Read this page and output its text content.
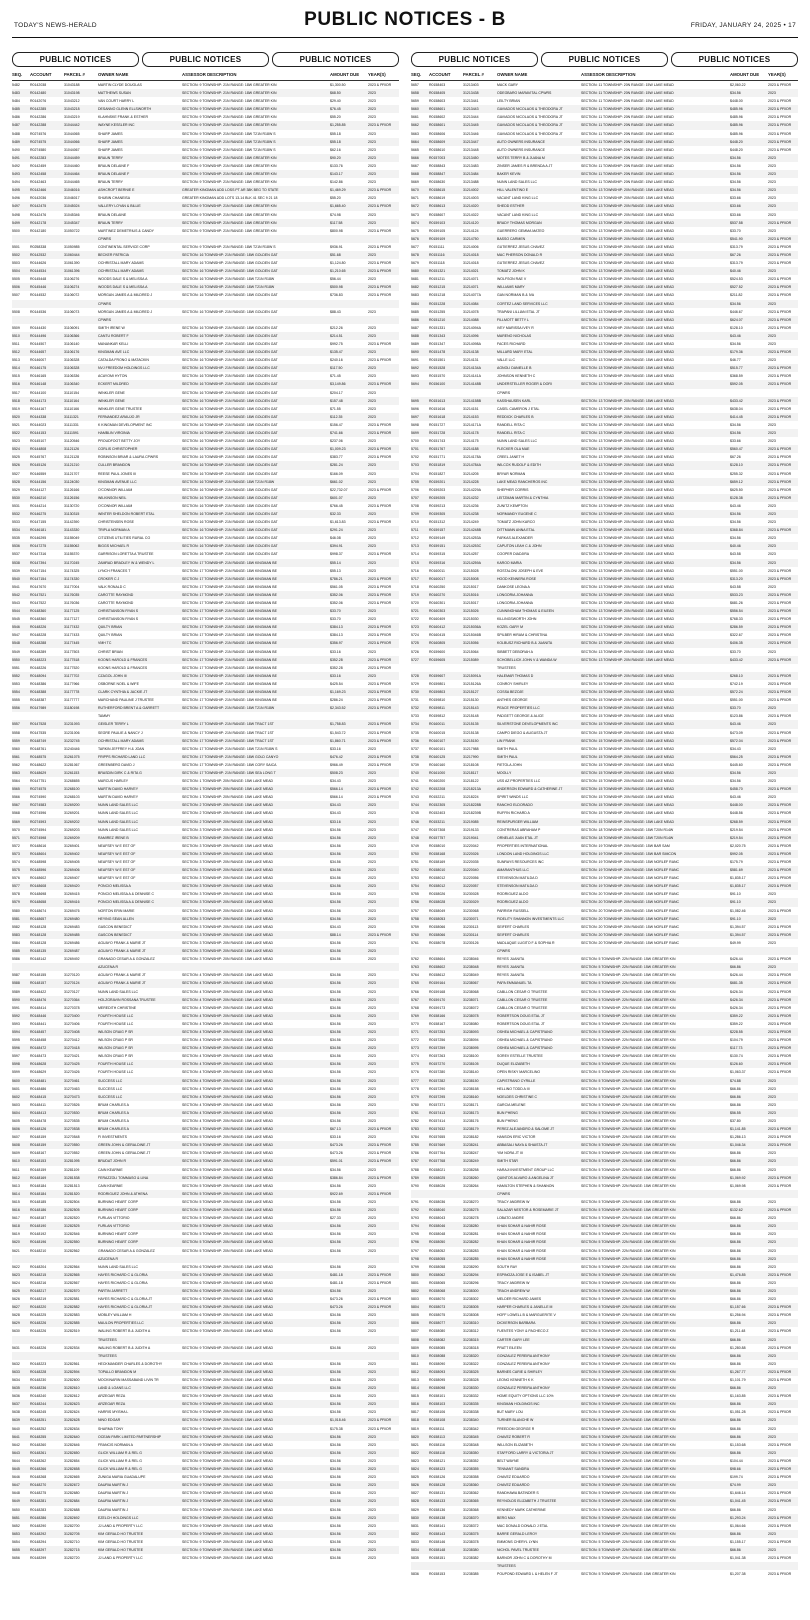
TODAY'S NEWS-HERALD	PUBLIC NOTICES - B	FRIDAY, JANUARY 24, 2025 • 17
PUBLIC NOTICES	PUBLIC NOTICES	PUBLIC NOTICES
SEQ.	ACCOUNT	PARCEL #	OWNER NAME	ASSESSOR DESCRIPTION	AMOUNT DUE	YEAR(S)
5482	R0142038	31043188	MARTIN CLYDE DOUGLAS	SECTION: 9 TOWNSHIP: 21N RANGE: 18W GREATER KIN	$1,300.50	2023 & PRIOR
5483	R0142480	31043198	MATTHEWS SUSAN	SECTION: 9 TOWNSHIP: 21N RANGE: 18W GREATER KIN	$68.50	2023
5484	R0142076	31043212	VAN COURT HARRY L	SECTION: 9 TOWNSHIP: 21N RANGE: 18W GREATER KIN	$29.40	2023
5485	R0142285	31043218	DESANNO GLENN ELLSWORTH	SECTION: 9 TOWNSHIP: 21N RANGE: 18W GREATER KIN	$76.45	2023
5486	R0142286	31043219	KLAHNSKE FRANK & ESTHER	SECTION: 9 TOWNSHIP: 21N RANGE: 18W GREATER KIN	$55.20	2023
5487	R0142288	31044442	WAYNE KESSLER INC	SECTION: 9 TOWNSHIP: 21N RANGE: 18W GREATER KIN	$1,255.85	2023 & PRIOR
5488	R0274576	31044065	SHARP JAMES	SECTION: 9 TOWNSHIP: 21N RANGE: 18W T21N R18W S	$55.18	2023
5489	R0274575	31044066	SHARP JAMES	SECTION: 9 TOWNSHIP: 21N RANGE: 18W T21N R18W S	$55.18	2023
5490	R0274580	31044067	SHARP JAMES	SECTION: 9 TOWNSHIP: 21N RANGE: 18W T21N R18W S	$62.16	2023
5491	R0142283	31044459	BRAUN TERRY	SECTION: 9 TOWNSHIP: 21N RANGE: 18W GREATER KIN	$90.20	2023
5492	R0142459	31044460	BRAUN DELAINE F	SECTION: 9 TOWNSHIP: 21N RANGE: 18W GREATER KIN	$133.76	2023
5493	R0142458	31044464	BRAUN DELAINE F	SECTION: 9 TOWNSHIP: 21N RANGE: 18W GREATER KIN	$143.17	2023
5494	R0142463	31044465	BRAUN TERRY	SECTION: 9 TOWNSHIP: 21N RANGE: 18W GREATER KIN	$142.86	2023
5495	R0142466	31046016	ASHCROFT BERNIE E	GREATER KINGMAN ADD LOSS PT AR 38K BEG TO STATE	$1,469.29	2023 & PRIOR
5496	R0142036	31046017	SHUBIN CHANEISA	GREATER KINGMAN ADD LOTS 13-14 BLK 41 SEC 9 21 18	$55.20	2023
5497	R0142475	31045024	VALLERY LOYAN & BILLIE	SECTION: 9 TOWNSHIP: 21N RANGE: 18W GREATER KIN	$1,665.40	2023 & PRIOR
5498	R0142476	31045346	BRAUN DELAINE	SECTION: 9 TOWNSHIP: 21N RANGE: 18W GREATER KIN	$74.98	2023
5499	R0142178	31045347	BRAUN TERRY	SECTION: 9 TOWNSHIP: 21N RANGE: 18W GREATER KIN	$117.58	2023
5500	R0142180	31050722	MARTINEZ DEMETRIUS & CANDY	SECTION: 9 TOWNSHIP: 21N RANGE: 18W GREATER KIN	$800.98	2023 & PRIOR
CPWRS
5501	R0258338	31050985	CONTINENTAL SERVICE CORP	SECTION: 9 TOWNSHIP: 21N RANGE: 18W T21N R18W S	$936.91	2023 & PRIOR
5502	R0142532	31060444	BECKER PATRICIA	SECTION: 16 TOWNSHIP: 21N RANGE: 18W GOLDEN GAT	$51.68	2023
5503	R0144626	31061390	OCHRISTALL MARY ADAMS	SECTION: 16 TOWNSHIP: 21N RANGE: 18W GOLDEN GAT	$1,124.80	2023 & PRIOR
5504	R0144534	31061396	OCHRISTALL MARY ADAMS	SECTION: 16 TOWNSHIP: 21N RANGE: 18W GOLDEN GAT	$1,210.65	2023 & PRIOR
5505	R0145448	31106276	WOODS DALE S & MELISSA A	SECTION: 16 TOWNSHIP: 21N RANGE: 18W T21N R18W	$56.44	2023
5506	R0145446	31106274	WOODS DALE S & MELISSA A	SECTION: 16 TOWNSHIP: 21N RANGE: 18W T21N R18W	$500.98	2023 & PRIOR
5507	R0144532	31106072	MORGAN JAMES A & MILDRED J	SECTION: 16 TOWNSHIP: 21N RANGE: 18W GOLDEN GAT	$736.83	2023 & PRIOR
CPWRS
5508	R0144536	31106073	MORGAN JAMES A & MILDRED J	SECTION: 16 TOWNSHIP: 21N RANGE: 18W GOLDEN GAT	$88.43	2023
CPWRS
5509	R0144430	31106091	SMITH IRENE W	SECTION: 16 TOWNSHIP: 21N RANGE: 18W GOLDEN GAT	$212.26	2023
5510	R0144496	31106366	CANTU ROBERT F	SECTION: 16 TOWNSHIP: 21N RANGE: 18W GOLDEN GAT	$214.51	2023
5511	R0144507	31106140	MANANKAR KELLI	SECTION: 16 TOWNSHIP: 21N RANGE: 18W GOLDEN GAT	$992.75	2023 & PRIOR
5512	R0144657	31106176	KINGMAN AVE LLC	SECTION: 16 TOWNSHIP: 21N RANGE: 18W GOLDEN GAT	$135.47	2023
5513	R0146007	31106328	CATALDA FRONO & MATACKIN	SECTION: 16 TOWNSHIP: 21N RANGE: 18W GOLDEN GAT	$240.16	2023 & PRIOR
5514	R0146175	31106328	NVJ FREEDOM HOLDINGS LLC	SECTION: 16 TOWNSHIP: 21N RANGE: 18W GOLDEN GAT	$117.50	2023
5515	R0146165	31106336	ACAYOMI HYTON	SECTION: 16 TOWNSHIP: 21N RANGE: 18W GOLDEN GAT	$71.45	2023
5516	R0146148	31106340	ECKERT MILDRED	SECTION: 16 TOWNSHIP: 21N RANGE: 18W GOLDEN GAT	$3,149.86	2023 & PRIOR
5517	R0144100	31110154	WINKLER GENE	SECTION: 16 TOWNSHIP: 21N RANGE: 18W GOLDEN GAT	$204.17	2023
5518	R0144173	31110164	WINKLER GENE	SECTION: 16 TOWNSHIP: 21N RANGE: 18W GOLDEN GAT	$157.48	2023
5519	R0144167	31110166	WINKLER GENE TRUSTEE	SECTION: 16 TOWNSHIP: 21N RANGE: 18W GOLDEN GAT	$71.55	2023
5520	R0144338	31111321	FERNANDEZ ARAUJO JR	SECTION: 16 TOWNSHIP: 21N RANGE: 18W GOLDEN GAT	$112.35	2023
5521	R0144023	31111331	K KINGMAN DEVELOPMENT INC	SECTION: 16 TOWNSHIP: 21N RANGE: 18W GOLDEN GAT	$156.47	2023 & PRIOR
5522	R0144153	31111591	HAMBLIN VIRGINIA	SECTION: 16 TOWNSHIP: 21N RANGE: 18W GOLDEN GAT	$741.66	2023 & PRIOR
5523	R0145107	31120546	PROUDFOOT BETTY JOY	SECTION: 16 TOWNSHIP: 21N RANGE: 18W GOLDEN GAT	$237.06	2023
5524	R0144808	31121126	CORLIS CHRISTOPHER	SECTION: 16 TOWNSHIP: 21N RANGE: 18W GOLDEN GAT	$1,009.23	2023 & PRIOR
5525	R0145767	31121128	ROBINSON BRIAR & LAURA CPWRS	SECTION: 16 TOWNSHIP: 21N RANGE: 18W GOLDEN GAT	$383.77	2023 & PRIOR
5526	R0145126	31121210	CULLER BRANDON	SECTION: 16 TOWNSHIP: 21N RANGE: 18W GOLDEN GAT	$281.24	2023
5527	R0146559	31121707	REESE PAUL JONES III	SECTION: 16 TOWNSHIP: 21N RANGE: 18W GOLDEN GAT	$166.09	2023
5528	R0144156	31124030	KINGMAN AVENUE LLC	SECTION: 16 TOWNSHIP: 21N RANGE: 18W T21N R18W	$661.02	2023
5529	R0144127	31126166	O'CONNOR WILLIAM	SECTION: 16 TOWNSHIP: 21N RANGE: 18W GOLDEN GAT	$22,732.07	2023 & PRIOR
5530	R0146210	31126156	WILKINSON NEIL	SECTION: 16 TOWNSHIP: 21N RANGE: 18W GOLDEN GAT	$601.07	2023
5531	R0144214	31130720	O'CONNOR WILLIAM	SECTION: 16 TOWNSHIP: 21N RANGE: 18W GOLDEN GAT	$766.45	2023 & PRIOR
5532	R0146275	31130315	WINTER SHELDON ROBERT ETAL	SECTION: 16 TOWNSHIP: 21N RANGE: 18W GOLDEN GAT	$32.33	2023
5533	R0147155	31142390	CHRISTENSEN ROSE	SECTION: 16 TOWNSHIP: 21N RANGE: 18W GOLDEN GAT	$1,613.83	2023 & PRIOR
5534	R0146181	31143330	TRIPLA NORMAN A	SECTION: 16 TOWNSHIP: 21N RANGE: 18W GOLDEN GAT	$291.24	2023
5535	R0146295	31155049	CITIZENS UTILITIES RURAL CO	SECTION: 16 TOWNSHIP: 21N RANGE: 18W GOLDEN GAT	$46.08	2023
5536	R0147275	31155062	BIGGS MICHAEL R	SECTION: 16 TOWNSHIP: 21N RANGE: 18W GOLDEN GAT	$394.91	2023
5537	R0147316	31155370	GARRISON LORETTA A TRUSTEE	SECTION: 16 TOWNSHIP: 21N RANGE: 18W GOLDEN GAT	$998.37	2023 & PRIOR
5538	R0147394	31170245	ZAMRAD BRADLEY W & WENDY L	SECTION: 17 TOWNSHIP: 21N RANGE: 18W KINGMAN BE	$55.14	2023
5539	R0147154	31174325	LYNCH FRANCES T	SECTION: 17 TOWNSHIP: 21N RANGE: 18W KINGMAN BE	$55.13	2023
5540	R0147154	31174330	CROKER C J	SECTION: 17 TOWNSHIP: 21N RANGE: 18W KINGMAN BE	$786.21	2023 & PRIOR
5541	R0147670	31177004	VALK RONALD C	SECTION: 17 TOWNSHIP: 21N RANGE: 18W KINGMAN BE	$561.05	2023 & PRIOR
5542	R0147521	31176035	CAROTTE RAYMOND	SECTION: 17 TOWNSHIP: 21N RANGE: 18W KINGMAN BE	$352.06	2023 & PRIOR
5543	R0147522	31176036	CAROTTE RAYMOND	SECTION: 17 TOWNSHIP: 21N RANGE: 18W KINGMAN BE	$352.06	2023 & PRIOR
5544	R0148360	31177125	CHRISTIANSON RYAN S	SECTION: 17 TOWNSHIP: 21N RANGE: 18W KINGMAN BE	$33.70	2023
5545	R0148360	31177127	CHRISTIANSON RYAN S	SECTION: 17 TOWNSHIP: 21N RANGE: 18W KINGMAN BE	$33.70	2023
5546	R0148226	31177432	QUILTY BRIAN	SECTION: 17 TOWNSHIP: 21N RANGE: 18W KINGMAN BE	$384.13	2023 & PRIOR
5547	R0148228	31177433	QUILTY BRIAN	SECTION: 17 TOWNSHIP: 21N RANGE: 18W KINGMAN BE	$384.13	2023 & PRIOR
5548	R0148288	31177445	VMH TC	SECTION: 17 TOWNSHIP: 21N RANGE: 18W KINGMAN BE	$356.97	2023 & PRIOR
5549	R0148289	31177503	CHRIST BRIAN	SECTION: 17 TOWNSHIP: 21N RANGE: 18W KINGMAN BE	$33.16	2023
5550	R0148223	31177518	KOONS HAROLD & FRANCES	SECTION: 17 TOWNSHIP: 21N RANGE: 18W KINGMAN BE	$352.28	2023 & PRIOR
5551	R0148226	31177520	KOONS HAROLD & FRANCES	SECTION: 17 TOWNSHIP: 21N RANGE: 18W KINGMAN BE	$352.28	2023 & PRIOR
5552	R0148094	31177702	CZAGOL JOHN III	SECTION: 17 TOWNSHIP: 21N RANGE: 18W KINGMAN BE	$33.16	2023
5553	R0148386	31177966	OSBORNE NOEL & WIFE	SECTION: 17 TOWNSHIP: 21N RANGE: 18W KINGMAN BE	$425.54	2023 & PRIOR
5554	R0148388	31177778	CLARK CYNTHIA & JACKIE JT	SECTION: 17 TOWNSHIP: 21N RANGE: 18W KINGMAN BE	$1,169.23	2023 & PRIOR
5555	R0148387	31177777	MARCHAND PAULINE J TRUSTEE	SECTION: 17 TOWNSHIP: 21N RANGE: 18W KINGMAN BE	$286.24	2023 & PRIOR
5556	R0147989	31180198	RUTHERFORD BRENT A & GARRETT	SECTION: 17 TOWNSHIP: 21N RANGE: 18W T21N R18W	$2,343.52	2023 & PRIOR
TAMMY
5557	R0147528	31231093	GEISLER TERRY L	SECTION: 17 TOWNSHIP: 21N RANGE: 18W TRACT 1ST	$1,758.83	2023 & PRIOR
5558	R0147535	31231006	SEGRE PAULIE & NANCY J	SECTION: 17 TOWNSHIP: 21N RANGE: 18W TRACT 1ST	$1,543.72	2023 & PRIOR
5559	R0148749	31232745	OCHRISTALL MARY ADAMS	SECTION: 17 TOWNSHIP: 21N RANGE: 18W TRACT 1ST	$1,860.71	2023 & PRIOR
5560	R0148761	31240446	TARKIN JEFFREY H & JOAN	SECTION: 17 TOWNSHIP: 21N RANGE: 18W T21N R18W S	$33.16	2023
5561	R0148575	31261075	FRIPPS RICHARD LAND LLC	SECTION: 17 TOWNSHIP: 21N RANGE: 18W GOLD CANYO	$476.42	2023 & PRIOR
5562	R0148622	31281067	GREENBERG DAVID J	SECTION: 17 TOWNSHIP: 21N RANGE: 18W CORY SAICA	$966.49	2023 & PRIOR
5563	R0148629	31261153	BRASDIN DIRK C & RITA G	SECTION: 17 TOWNSHIP: 21N RANGE: 18W SEA LONG T	$508.23	2023
5564	R0147751	31268655	MARCUS HARLEY	SECTION: 1 TOWNSHIP: 20N RANGE: 15W LAKE MEAD	$34.43	2023
5565	R0274575	31268100	MARTIN DAVID HARVEY	SECTION: 1 TOWNSHIP: 20N RANGE: 15W LAKE MEAD	$566.14	2023 & PRIOR
5566	R0274590	31268103	MARTIN DAVID HARVEY	SECTION: 1 TOWNSHIP: 20N RANGE: 15W LAKE MEAD	$566.14	2023 & PRIOR
5567	R0274583	31269200	NUNN LAND SALES LLC	SECTION: 2 TOWNSHIP: 20N RANGE: 15W LAKE MEAD	$34.43	2023
5568	R0274596	31269201	NUNN LAND SALES LLC	SECTION: 2 TOWNSHIP: 20N RANGE: 15W LAKE MEAD	$34.43	2023
5569	R0274593	31269202	NUNN LAND SALES LLC	SECTION: 2 TOWNSHIP: 20N RANGE: 15W LAKE MEAD	$33.16	2023
5570	R0274594	31269203	NUNN LAND SALES LLC	SECTION: 3 TOWNSHIP: 20N RANGE: 15W LAKE MEAD	$34.56	2023
5571	R0274598	31269209	RAMIREZ IRENE B	SECTION: 3 TOWNSHIP: 20N RANGE: 15W LAKE MEAD	$34.56	2023
5572	R0148616	31269401	NEAFSEY W E EST OF	SECTION: 3 TOWNSHIP: 20N RANGE: 15W LAKE MEAD	$34.56	2023
5573	R0148604	31269402	NEAFSEY W E EST OF	SECTION: 3 TOWNSHIP: 20N RANGE: 15W LAKE MEAD	$34.56	2023
5574	R0148598	31269405	NEAFSEY W E EST OF	SECTION: 3 TOWNSHIP: 20N RANGE: 15W LAKE MEAD	$34.56	2023
5575	R0148596	31269406	NEAFSEY W E EST OF	SECTION: 3 TOWNSHIP: 20N RANGE: 15W LAKE MEAD	$34.56	2023
5576	R0148602	31269407	NEAFSEY W E EST OF	SECTION: 3 TOWNSHIP: 20N RANGE: 15W LAKE MEAD	$34.56	2023
5577	R0148608	31269420	PONCIO MELISSA A	SECTION: 3 TOWNSHIP: 20N RANGE: 15W LAKE MEAD	$34.56	2023
5578	R0148698	31269415	PONCIO MELISSA A & DENNISE C	SECTION: 3 TOWNSHIP: 20N RANGE: 15W LAKE MEAD	$34.56	2023
5579	R0148658	31269416	PONCIO MELISSA A & DENNISE C	SECTION: 3 TOWNSHIP: 20N RANGE: 15W LAKE MEAD	$34.56	2023
5580	R0148674	31269476	NORTON ERIN MARIE	SECTION: 3 TOWNSHIP: 20N RANGE: 15W LAKE MEAD	$34.56	2023
5581	R0148657	31269480	HEYING SEAN ALLEN	SECTION: 3 TOWNSHIP: 20N RANGE: 15W LAKE MEAD	$34.56	2023
5582	R0148128	31269483	GASCON BENEDICT	SECTION: 3 TOWNSHIP: 20N RANGE: 15W LAKE MEAD	$34.43	2023
5583	R0148128	31269485	GASCON BENEDICT	SECTION: 3 TOWNSHIP: 20N RANGE: 15W LAKE MEAD	$88.14	2023 & PRIOR
5584	R0148128	31269486	AGUAYO FRANK & MARIE JT	SECTION: 3 TOWNSHIP: 20N RANGE: 15W LAKE MEAD	$34.56	2023
5585	R0148135	31269487	AGUAYO FRANK & MARIE JT	SECTION: 3 TOWNSHIP: 20N RANGE: 15W LAKE MEAD	$34.56	2023
5586	R0148142	31269492	GRANADO CESAR A & GONZALEZ	SECTION: 3 TOWNSHIP: 20N RANGE: 15W LAKE MEAD	$34.56	2023
AZUCENA R
5587	R0148155	31270120	AGUAYO FRANK & MARIE JT	SECTION: 4 TOWNSHIP: 20N RANGE: 15W LAKE MEAD	$34.56	2023
5588	R0148157	31270124	AGUAYO FRANK & MARIE JT	SECTION: 4 TOWNSHIP: 20N RANGE: 15W LAKE MEAD	$34.56	2023
5589	R0148422	31270127	NUNN LAND SALES LLC	SECTION: 4 TOWNSHIP: 20N RANGE: 15W LAKE MEAD	$34.56	2023
5590	R0148476	31270364	HOLZGRAVIN ROSSANA TRUSTEE	SECTION: 4 TOWNSHIP: 20N RANGE: 15W LAKE MEAD	$34.56	2023
5591	R0148414	31270378	MEREDITH CHRISTINE	SECTION: 4 TOWNSHIP: 20N RANGE: 15W LAKE MEAD	$34.56	2023
5592	R0148446	31270400	FOURTH HOUSE LLC	SECTION: 4 TOWNSHIP: 20N RANGE: 15W LAKE MEAD	$34.56	2023
5593	R0148441	31270406	FOURTH HOUSE LLC	SECTION: 4 TOWNSHIP: 20N RANGE: 15W LAKE MEAD	$34.56	2023
5594	R0148457	31270408	WILSON CRAIG P SR	SECTION: 4 TOWNSHIP: 20N RANGE: 15W LAKE MEAD	$34.56	2023
5595	R0148458	31270412	WILSON CRAIG P SR	SECTION: 4 TOWNSHIP: 20N RANGE: 15W LAKE MEAD	$34.56	2023
5596	R0148472	31270418	WILSON CRAIG P SR	SECTION: 4 TOWNSHIP: 20N RANGE: 15W LAKE MEAD	$34.56	2023
5597	R0148473	31270421	WILSON CRAIG P SR	SECTION: 4 TOWNSHIP: 20N RANGE: 15W LAKE MEAD	$34.56	2023
5598	R0148628	31270425	FOURTH HOUSE LLC	SECTION: 4 TOWNSHIP: 20N RANGE: 15W LAKE MEAD	$34.56	2023
5599	R0148629	31270426	FOURTH HOUSE LLC	SECTION: 4 TOWNSHIP: 20N RANGE: 15W LAKE MEAD	$34.56	2023
5600	R0148481	31270461	SUCCESS LLC	SECTION: 4 TOWNSHIP: 20N RANGE: 15W LAKE MEAD	$34.56	2023
5601	R0148486	31270463	SUCCESS LLC	SECTION: 4 TOWNSHIP: 20N RANGE: 15W LAKE MEAD	$34.56	2023
5602	R0148415	31270473	SUCCESS LLC	SECTION: 4 TOWNSHIP: 20N RANGE: 15W LAKE MEAD	$34.56	2023
5603	R0148411	31270526	BRUM CHARLES A	SECTION: 4 TOWNSHIP: 20N RANGE: 15W LAKE MEAD	$34.56	2023
5604	R0148413	31270530	BRUM CHARLES A	SECTION: 4 TOWNSHIP: 20N RANGE: 15W LAKE MEAD	$34.56	2023
5605	R0148478	31270535	BRUM CHARLES A	SECTION: 4 TOWNSHIP: 20N RANGE: 15W LAKE MEAD	$34.56	2023
5606	R0148126	31270538	BRUM CHARLES A	SECTION: 4 TOWNSHIP: 20N RANGE: 15W LAKE MEAD	$67.13	2023 & PRIOR
5607	R0148159	31270548	FI INVESTMENTS	SECTION: 5 TOWNSHIP: 20N RANGE: 15W LAKE MEAD	$33.16	2023
5608	R0148159	31270550	GREEN JOHN & GERALDINE JT	SECTION: 5 TOWNSHIP: 20N RANGE: 15W LAKE MEAD	$473.26	2023 & PRIOR
5609	R0148167	31270552	GREEN JOHN & GERALDINE JT	SECTION: 5 TOWNSHIP: 20N RANGE: 15W LAKE MEAD	$473.26	2023 & PRIOR
5610	R0148153	31281095	BRUDAT JOHN R	SECTION: 5 TOWNSHIP: 20N RANGE: 15W LAKE MEAD	$591.01	2023 & PRIOR
5611	R0148159	31281109	CAIN KEARNIE	SECTION: 5 TOWNSHIP: 20N RANGE: 15W LAKE MEAD	$34.56	2023
5612	R0148169	31281538	FERAZZOLI TOMMASO & LINA	SECTION: 5 TOWNSHIP: 20N RANGE: 15W LAKE MEAD	$386.84	2023 & PRIOR
5613	R0148184	31281513	CAIN KEARNIE	SECTION: 5 TOWNSHIP: 20N RANGE: 15W LAKE MEAD	$34.56	2023
5614	R0148184	31281520	RODRIGUEZ JOHN & ATHENA	SECTION: 5 TOWNSHIP: 20N RANGE: 15W LAKE MEAD	$922.69	2023 & PRIOR
5615	R0148185	31282504	BURNING HEART CORP	SECTION: 5 TOWNSHIP: 20N RANGE: 15W LAKE MEAD	$34.56	2023
5616	R0148186	31282505	BURNING HEART CORP	SECTION: 5 TOWNSHIP: 20N RANGE: 15W LAKE MEAD	$34.56	2023
5617	R0148187	31282520	FURLAN VITTORIO	SECTION: 5 TOWNSHIP: 20N RANGE: 15W LAKE MEAD	$27.33	2023
5618	R0148190	31282525	FURLAN VITTORIO	SECTION: 5 TOWNSHIP: 20N RANGE: 15W LAKE MEAD	$34.56	2023
5619	R0148192	31282546	BURNING HEART CORP	SECTION: 5 TOWNSHIP: 20N RANGE: 15W LAKE MEAD	$34.56	2023
5620	R0148196	31282550	BURNING HEART CORP	SECTION: 5 TOWNSHIP: 20N RANGE: 15W LAKE MEAD	$34.56	2023
5621	R0148210	31282562	GRANADO CESAR A & GONZALEZ	SECTION: 5 TOWNSHIP: 20N RANGE: 15W LAKE MEAD	$34.56	2023
AZUCENA R
5622	R0148204	31282564	NUNN LAND SALES LLC	SECTION: 6 TOWNSHIP: 20N RANGE: 15W LAKE MEAD	$34.56	2023
5623	R0148215	31282565	HAYES RICHARD C & GLORIA	SECTION: 6 TOWNSHIP: 20N RANGE: 15W LAKE MEAD	$481.18	2023 & PRIOR
5624	R0148216	31282567	HAYES RICHARD C & GLORIA	SECTION: 6 TOWNSHIP: 20N RANGE: 15W LAKE MEAD	$481.18	2023 & PRIOR
5625	R0148217	31282570	PARTIN JARRETT	SECTION: 6 TOWNSHIP: 20N RANGE: 15W LAKE MEAD	$34.56	2023
5626	R0148219	31282581	HAYES RICHARD C & GLORIA JT	SECTION: 6 TOWNSHIP: 20N RANGE: 15W LAKE MEAD	$473.26	2023 & PRIOR
5627	R0148220	31282582	HAYES RICHARD C & GLORIA JT	SECTION: 6 TOWNSHIP: 20N RANGE: 15W LAKE MEAD	$473.26	2023 & PRIOR
5628	R0148225	31282583	MOBLEY WILLIAM H	SECTION: 6 TOWNSHIP: 20N RANGE: 15W LAKE MEAD	$34.56	2023
5629	R0148226	31282585	MAULON PROPERTIES LLC	SECTION: 6 TOWNSHIP: 20N RANGE: 15W LAKE MEAD	$34.56	2023
5630	R0148226	31282519	WALING ROBERT B & JUDITH A	SECTION: 9 TOWNSHIP: 20N RANGE: 15W LAKE MEAD	$34.56	2023
TRUSTEES
5631	R0148226	31282534	WALING ROBERT B & JUDITH A	SECTION: 9 TOWNSHIP: 20N RANGE: 15W LAKE MEAD	$34.56	2023
TRUSTEES
5632	R0148223	31282561	HECKMANDER CHARLES & DOROTHY	SECTION: 9 TOWNSHIP: 20N RANGE: 15W LAKE MEAD	$34.56	2023
5633	R0148228	31282594	TOPALLO BRANDON M	SECTION: 9 TOWNSHIP: 20N RANGE: 15W LAKE MEAD	$34.56	2023
5634	R0148230	31282600	MOCKINARIN MASSABAND LIVIN TR	SECTION: 9 TOWNSHIP: 20N RANGE: 15W LAKE MEAD	$34.56	2023
5635	R0148236	31282610	LAND & LOANS LLC	SECTION: 9 TOWNSHIP: 20N RANGE: 15W LAKE MEAD	$34.56	2023
5636	R0148240	31282612	ARZEGAR REZA	SECTION: 9 TOWNSHIP: 20N RANGE: 15W LAKE MEAD	$34.56	2023
5637	R0148244	31282623	ARZEGAR REZA	SECTION: 9 TOWNSHIP: 20N RANGE: 15W LAKE MEAD	$34.56	2023
5638	R0148245	31282624	HARRIS MYISHA L	SECTION: 9 TOWNSHIP: 20N RANGE: 15W LAKE MEAD	$34.56	2023
5639	R0148251	31282628	NINO EDGAR	SECTION: 9 TOWNSHIP: 20N RANGE: 15W LAKE MEAD	$1,018.46	2023 & PRIOR
5640	R0148252	31282634	SHARMA TONY	SECTION: 9 TOWNSHIP: 20N RANGE: 15W LAKE MEAD	$175.38	2023 & PRIOR
5641	R0148255	31282640	OCEAN PARK LIMITED PARTNERSHIP	SECTION: 9 TOWNSHIP: 20N RANGE: 15W LAKE MEAD	$34.56	2023
5642	R0148260	31282646	FRANCIS NORMAN A	SECTION: 9 TOWNSHIP: 20N RANGE: 15W LAKE MEAD	$34.56	2023
5643	R0148261	31282650	GLICK WILLIAM R & REL G	SECTION: 9 TOWNSHIP: 20N RANGE: 15W LAKE MEAD	$34.56	2023
5644	R0148262	31282654	GLICK WILLIAM R & REL G	SECTION: 9 TOWNSHIP: 20N RANGE: 15W LAKE MEAD	$34.56	2023
5645	R0148266	31282658	GLICK WILLIAM R & REL G	SECTION: 9 TOWNSHIP: 20N RANGE: 15W LAKE MEAD	$34.56	2023
5646	R0148268	31282665	ZUNIGA MARIA GUADALUPE	SECTION: 9 TOWNSHIP: 20N RANGE: 15W LAKE MEAD	$34.56	2023
5647	R0148270	31282672	DAURIA MARTIN J	SECTION: 9 TOWNSHIP: 20N RANGE: 15W LAKE MEAD	$34.56	2023
5648	R0148275	31282680	DAURIA MARTIN J	SECTION: 9 TOWNSHIP: 20N RANGE: 15W LAKE MEAD	$34.56	2023
5649	R0148281	31282684	DAURIA MARTIN J	SECTION: 9 TOWNSHIP: 20N RANGE: 15W LAKE MEAD	$34.56	2023
5650	R0148283	31282688	DAURIA MARTIN J	SECTION: 9 TOWNSHIP: 20N RANGE: 15W LAKE MEAD	$34.56	2023
5651	R0148286	31282692	EZELCH HOLDINGS LLC	SECTION: 9 TOWNSHIP: 20N RANGE: 15W LAKE MEAD	$34.56	2023
5652	R0148290	31282700	JJ LAND & PROPERTY LLC	SECTION: 9 TOWNSHIP: 20N RANGE: 15W LAKE MEAD	$34.56	2023
5653	R0148292	31282705	KIM GERALD HO TRUSTEE	SECTION: 9 TOWNSHIP: 20N RANGE: 15W LAKE MEAD	$34.56	2023
5654	R0148294	31282710	KIM GERALD HO TRUSTEE	SECTION: 9 TOWNSHIP: 20N RANGE: 15W LAKE MEAD	$34.56	2023
5655	R0148297	31282715	KIM GERALD HO TRUSTEE	SECTION: 9 TOWNSHIP: 20N RANGE: 15W LAKE MEAD	$34.56	2023
5656	R0148299	31282720	JJ LAND & PROPERTY LLC	SECTION: 9 TOWNSHIP: 20N RANGE: 15W LAKE MEAD	$34.56	2023
PUBLIC NOTICES	PUBLIC NOTICES	PUBLIC NOTICES
SEQ.	ACCOUNT	PARCEL #	OWNER NAME	ASSESSOR DESCRIPTION	AMOUNT DUE	YEAR(S)
5657	R0158403	31213403	MACK GARY	SECTION: 11 TOWNSHIP: 20N RANGE: 15W LAKE MEAD	$2,060.22	2023 & PRIOR
5658	R0158405	31213438	ODEGBARO MARAVITAL CPWRS	SECTION: 11 TOWNSHIP: 20N RANGE: 15W LAKE MEAD	$34.56	2023
5659	R0158603	31213441	LEILTY BRIAN	SECTION: 11 TOWNSHIP: 20N RANGE: 15W LAKE MEAD	$448.00	2023 & PRIOR
5660	R0158601	31213443	GAVIADOS NICOLAOS & THEODORA JT	SECTION: 11 TOWNSHIP: 20N RANGE: 15W LAKE MEAD	$485.96	2023 & PRIOR
5661	R0158602	31213444	GAVIADOS NICOLAOS & THEODORA JT	SECTION: 11 TOWNSHIP: 20N RANGE: 15W LAKE MEAD	$485.96	2023 & PRIOR
5662	R0158601	31213445	GAVIADOS NICOLAOS & THEODORA JT	SECTION: 11 TOWNSHIP: 20N RANGE: 15W LAKE MEAD	$485.96	2023 & PRIOR
5663	R0158606	31213446	GAVIADOS NICOLAOS & THEODORA JT	SECTION: 11 TOWNSHIP: 20N RANGE: 15W LAKE MEAD	$485.96	2023 & PRIOR
5664	R0158609	31213447	AUTO OWNERS INSURANCE	SECTION: 11 TOWNSHIP: 20N RANGE: 15W LAKE MEAD	$448.20	2023 & PRIOR
5665	R0158610	31213448	AUTO OWNERS INSURANCE	SECTION: 11 TOWNSHIP: 20N RANGE: 15W LAKE MEAD	$448.20	2023 & PRIOR
5666	R0157003	31213450	MOTES TERRY B & JUANA M	SECTION: 11 TOWNSHIP: 20N RANGE: 15W LAKE MEAD	$34.56	2023
5667	R0158843	31213483	ZINSER JAMES R & BRENDA A JT	SECTION: 11 TOWNSHIP: 20N RANGE: 15W LAKE MEAD	$34.56	2023
5668	R0158847	31213484	BAKER KEVIN	SECTION: 11 TOWNSHIP: 20N RANGE: 15W LAKE MEAD	$34.56	2023
5669	R0158630	31213488	NUNN LAND SALES LLC	SECTION: 11 TOWNSHIP: 20N RANGE: 15W LAKE MEAD	$34.56	2023
5670	R0158615	31214002	HILL VALENTINO E	SECTION: 13 TOWNSHIP: 20N RANGE: 15W LAKE MEAD	$34.56	2023
5671	R0158619	31214003	VACANT LAND KING LLC	SECTION: 13 TOWNSHIP: 20N RANGE: 15W LAKE MEAD	$33.66	2023
5672	R0158613	31214020	SHEDD ESTHER	SECTION: 13 TOWNSHIP: 20N RANGE: 15W LAKE MEAD	$33.66	2023
5673	R0158607	31214022	VACANT LAND KING LLC	SECTION: 13 TOWNSHIP: 20N RANGE: 15W LAKE MEAD	$33.66	2023
5674	R0159103	31214120	BRADY THOMAS MORGAN	SECTION: 13 TOWNSHIP: 20N RANGE: 15W LAKE MEAD	$537.58	2023 & PRIOR
5675	R0159105	31214124	GUERRERO GEMMA MATEO	SECTION: 13 TOWNSHIP: 20N RANGE: 15W LAKE MEAD	$33.70	2023
5676	R0159109	31214750	BASSO CARMEN	SECTION: 13 TOWNSHIP: 20N RANGE: 15W LAKE MEAD	$541.90	2023 & PRIOR
5677	R0151111	31214006	GUTIERREZ JESUS CHAVEZ	SECTION: 13 TOWNSHIP: 20N RANGE: 15W LAKE MEAD	$313.79	2023 & PRIOR
5678	R0151116	31214018	MAC PHERSON DONALD R	SECTION: 13 TOWNSHIP: 20N RANGE: 15W LAKE MEAD	$67.26	2023 & PRIOR
5679	R0151118	31214018	GUTIERREZ JESUS CHAVEZ	SECTION: 13 TOWNSHIP: 20N RANGE: 15W LAKE MEAD	$313.79	2023 & PRIOR
5680	R0151321	31214021	TOMATZ JOHN K	SECTION: 13 TOWNSHIP: 20N RANGE: 15W LAKE MEAD	$40.46	2023
5681	R0151211	31214071	WOLFSON RAE V	SECTION: 13 TOWNSHIP: 20N RANGE: 15W LAKE MEAD	$524.53	2023 & PRIOR
5682	R0151215	31214071	WILLIAMS MARY	SECTION: 13 TOWNSHIP: 20N RANGE: 15W LAKE MEAD	$527.52	2023 & PRIOR
5683	R0151218	31214077A	GAN NORMAN B & IVA	SECTION: 13 TOWNSHIP: 20N RANGE: 15W LAKE MEAD	$211.82	2023 & PRIOR
5684	R0151228	31214084	CORTEZ LAND SERVICES LLC	SECTION: 13 TOWNSHIP: 20N RANGE: 15W LAKE MEAD	$34.56	2023
5685	R0151255	31214078	TRAPANI LILLIAN ETAL JT	SECTION: 13 TOWNSHIP: 20N RANGE: 15W LAKE MEAD	$446.67	2023 & PRIOR
5686	R0151210	31214088	FILLMOTT BETTY L	SECTION: 13 TOWNSHIP: 20N RANGE: 15W LAKE MEAD	$624.07	2023 & PRIOR
5687	R0151331	31214094A	IVEY MARISSA IVEY R	SECTION: 13 TOWNSHIP: 20N RANGE: 15W LAKE MEAD	$128.10	2023 & PRIOR
5688	R0151343	31214096	MARENO NICHOLAS	SECTION: 13 TOWNSHIP: 20N RANGE: 15W LAKE MEAD	$43.46	2023
5689	R0151347	31214098A	FACES RICHARD	SECTION: 13 TOWNSHIP: 20N RANGE: 15W LAKE MEAD	$34.56	2023
5690	R0151478	31214138	MILLARD MARY ETAL	SECTION: 13 TOWNSHIP: 20N RANGE: 15W LAKE MEAD	$179.36	2023 & PRIOR
5691	R0151501	31214131	VALLE LLC	SECTION: 13 TOWNSHIP: 20N RANGE: 15W LAKE MEAD	$46.77	2023
5692	R0151528	31214134A	AGNOLI DANIELLE B	SECTION: 13 TOWNSHIP: 20N RANGE: 15W LAKE MEAD	$515.77	2023 & PRIOR
5693	R0151570	31214141A	JOHNSON KENNETH C	SECTION: 13 TOWNSHIP: 20N RANGE: 15W LAKE MEAD	$368.59	2023 & PRIOR
5694	R0156100	31214148B	UNDERSTELLER ROGER & DORI	SECTION: 13 TOWNSHIP: 20N RANGE: 15W LAKE MEAD	$592.05	2023 & PRIOR
CPWRS
5695	R0151613	31214158B	KASSHAUSEN KARL	SECTION: 13 TOWNSHIP: 20N RANGE: 15W LAKE MEAD	$433.42	2023 & PRIOR
5696	R0151616	31214151	CASEL CAMERON J ETAL	SECTION: 13 TOWNSHIP: 20N RANGE: 15W LAKE MEAD	$638.04	2023 & PRIOR
5697	R0151618	31214153	REDDICK CHARLES B	SECTION: 13 TOWNSHIP: 20N RANGE: 15W LAKE MEAD	$414.45	2023 & PRIOR
5698	R0151727	31214171A	RANDELL RITA C	SECTION: 13 TOWNSHIP: 20N RANGE: 15W LAKE MEAD	$34.56	2023
5699	R0151728	31214178	RANDELL RITA C	SECTION: 13 TOWNSHIP: 20N RANGE: 15W LAKE MEAD	$34.56	2023
5700	R0151743	31214175	NUNN LAND SALES LLC	SECTION: 13 TOWNSHIP: 20N RANGE: 15W LAKE MEAD	$33.66	2023
5701	R0151767	31214188	FLECKER OLA MAE	SECTION: 13 TOWNSHIP: 20N RANGE: 15W LAKE MEAD	$560.47	2023 & PRIOR
5702	R0151771	31214178A	CREEL JANET H	SECTION: 13 TOWNSHIP: 20N RANGE: 15W LAKE MEAD	$67.26	2023 & PRIOR
5703	R0151819	31214784A	WILCOX RUDOLF & EDITH	SECTION: 13 TOWNSHIP: 20N RANGE: 15W LAKE MEAD	$128.10	2023 & PRIOR
5704	R0151827	31214205	BRYAR NORMAN	SECTION: 13 TOWNSHIP: 20N RANGE: 15W LAKE MEAD	$255.32	2023 & PRIOR
5705	R0159201	31214228	LAKE MEAD RANCHEROS INC	SECTION: 13 TOWNSHIP: 20N RANGE: 15W LAKE MEAD	$659.12	2023 & PRIOR
5706	R0159203	31214229A	SHEPHER CORRIS	SECTION: 13 TOWNSHIP: 20N RANGE: 15W LAKE MEAD	$625.50	2023 & PRIOR
5707	R0159205	31214232	LEITZMAN MARTIN & CYNTHIA	SECTION: 13 TOWNSHIP: 20N RANGE: 15W LAKE MEAD	$128.38	2023 & PRIOR
5708	R0159213	31214236	ZUNITZ KEMPTON	SECTION: 13 TOWNSHIP: 20N RANGE: 15W LAKE MEAD	$43.46	2023
5709	R0159305	31214238	NORMANDY EUGENE C	SECTION: 13 TOWNSHIP: 20N RANGE: 15W LAKE MEAD	$34.56	2023
5710	R0151312	31214249	TOMATZ JOHN KARCO	SECTION: 13 TOWNSHIP: 20N RANGE: 15W LAKE MEAD	$34.56	2023
5711	R0159157	31214248B	DITTMANN ANNA ETAL	SECTION: 13 TOWNSHIP: 20N RANGE: 15W LAKE MEAD	$368.84	2023 & PRIOR
5712	R0159149	31214253A	FARKAS ALEXANDER	SECTION: 13 TOWNSHIP: 20N RANGE: 15W LAKE MEAD	$34.56	2023
5713	R0159151	31214253C	CAPUTON LEAH C & JOHN	SECTION: 13 TOWNSHIP: 20N RANGE: 15W LAKE MEAD	$40.46	2023
5714	R0159315	31214257	COOPER DIADJIRA	SECTION: 13 TOWNSHIP: 20N RANGE: 15W LAKE MEAD	$43.58	2023
5715	R0159316	31214259A	KAROO MARIA	SECTION: 13 TOWNSHIP: 20N RANGE: 15W LAKE MEAD	$34.56	2023
5716	R0160011	31215028	ROSTALONI JOSEPH & EVE	SECTION: 13 TOWNSHIP: 20N RANGE: 15W LAKE MEAD	$551.00	2023 & PRIOR
5717	R0160017	31215008	HOOD KENNERA ROSE	SECTION: 13 TOWNSHIP: 20N RANGE: 15W LAKE MEAD	$313.20	2023 & PRIOR
5718	R0160250	31215017	DANKOSE LEONA A	SECTION: 13 TOWNSHIP: 20N RANGE: 15W LAKE MEAD	$43.58	2023
5719	R0160270	31215016	LONGORIA JOHANNA	SECTION: 13 TOWNSHIP: 20N RANGE: 15W LAKE MEAD	$533.23	2023 & PRIOR
5720	R0160301	31215017	LONGORIA JOHANNA	SECTION: 13 TOWNSHIP: 20N RANGE: 15W LAKE MEAD	$681.26	2023 & PRIOR
5721	R0160303	31215026	CUNNINGHAM THOMAS & EILEEN	SECTION: 13 TOWNSHIP: 20N RANGE: 15W LAKE MEAD	$556.54	2023 & PRIOR
5722	R0160409	31215030	KILLINGSWORTH JOHN	SECTION: 13 TOWNSHIP: 20N RANGE: 15W LAKE MEAD	$768.33	2023 & PRIOR
5723	R0160412	31215036A	KOZEL GARY M	SECTION: 13 TOWNSHIP: 20N RANGE: 15W LAKE MEAD	$286.59	2023 & PRIOR
5724	R0160415	31215046B	SPILBER HIRAM & CHRISTINA	SECTION: 13 TOWNSHIP: 20N RANGE: 15W LAKE MEAD	$322.67	2023 & PRIOR
5725	R0160805	31215056	KOLBUSZ RICHARD B & JUANITA	SECTION: 13 TOWNSHIP: 20N RANGE: 15W LAKE MEAD	$406.35	2023 & PRIOR
5726	R0159600	31215064	SIBBETT DEBORAH A	SECTION: 13 TOWNSHIP: 20N RANGE: 15W LAKE MEAD	$33.70	2023
5727	R0159605	31215089	SCHOBELLICK JOHN V & WANDA W	SECTION: 13 TOWNSHIP: 20N RANGE: 15W LAKE MEAD	$433.42	2023 & PRIOR
TRUSTEES
5728	R0159607	31215091A	HALEMAR THOMAS D	SECTION: 15 TOWNSHIP: 20N RANGE: 15W LAKE MEAD	$268.10	2023 & PRIOR
5729	R0159801	31215126A	CONROY SHIRLEY	SECTION: 15 TOWNSHIP: 20N RANGE: 15W LAKE MEAD	$742.19	2023 & PRIOR
5730	R0159803	31215127	COSSA BEZOJE	SECTION: 15 TOWNSHIP: 20N RANGE: 15W LAKE MEAD	$572.24	2023 & PRIOR
5731	R0159810	31215130	ANTHES GEORGE	SECTION: 15 TOWNSHIP: 20N RANGE: 15W LAKE MEAD	$551.00	2023 & PRIOR
5732	R0159811	31215143	PEACE PROPERTIES LLC	SECTION: 15 TOWNSHIP: 20N RANGE: 15W LAKE MEAD	$33.70	2023
5733	R0159812	31215148	PADGETT GEORGE & ALICE	SECTION: 15 TOWNSHIP: 20N RANGE: 15W LAKE MEAD	$123.86	2023 & PRIOR
5734	R0160011	31215135	SILVERSTONE DEVELOPMENTS INC	SECTION: 15 TOWNSHIP: 20N RANGE: 15W LAKE MEAD	$43.46	2023
5735	R0160015	31215138	CAMPO DIEGO & AUGUSTA JT	SECTION: 15 TOWNSHIP: 20N RANGE: 15W LAKE MEAD	$473.09	2023 & PRIOR
5736	R0160107	31215150	LIN FRANK	SECTION: 15 TOWNSHIP: 20N RANGE: 15W LAKE MEAD	$572.04	2023 & PRIOR
5737	R0160101	31217988	SMITH PAUL	SECTION: 15 TOWNSHIP: 20N RANGE: 15W LAKE MEAD	$34.43	2023
5738	R0160125	31217990	SMITH PAUL	SECTION: 15 TOWNSHIP: 20N RANGE: 15W LAKE MEAD	$564.25	2023 & PRIOR
5739	R0160160	31218108	FIETOLA JOHN	SECTION: 15 TOWNSHIP: 20N RANGE: 15W LAKE MEAD	$445.60	2023 & PRIOR
5740	R0161000	31218117	MOOLLY	SECTION: 15 TOWNSHIP: 20N RANGE: 15W LAKE MEAD	$34.56	2023
5741	R0160200	31218122	USS AZ PROPERTIES LLC	SECTION: 15 TOWNSHIP: 20N RANGE: 15W LAKE MEAD	$34.56	2023
5742	R0152208	31218213A	ANDERSON EDWARD & CATHERINE JT	SECTION: 15 TOWNSHIP: 20N RANGE: 15W LAKE MEAD	$458.70	2023 & PRIOR
5743	R0152211	31218224	SPIRIT WINDS LLC	SECTION: 15 TOWNSHIP: 20N RANGE: 15W LAKE MEAD	$43.46	2023
5744	R0152305	31218228B	RANCHO ELDORADO	SECTION: 15 TOWNSHIP: 20N RANGE: 15W LAKE MEAD	$448.00	2023 & PRIOR
5745	R0152403	31218239B	RUFFIN RICHARD A	SECTION: 15 TOWNSHIP: 20N RANGE: 15W LAKE MEAD	$448.56	2023 & PRIOR
5746	R0153211	31219085	REINSPURGER WILLIAM	SECTION: 15 TOWNSHIP: 20N RANGE: 15W LAKE MEAD	$268.59	2023 & PRIOR
5747	R0157308	31219133	CONTRERAS ABRAHAM P	SECTION: 18 TOWNSHIP: 20N RANGE: 15W T20N R14W	$219.54	2023 & PRIOR
5748	R0157757	31219041	ORNELAS JUAN ETAL JT	SECTION: 18 TOWNSHIP: 20N RANGE: 15W T20N R14W	$219.54	2023 & PRIOR
5749	R0158010	31220042	PROPERTIES INTERNATIONAL	SECTION: 19 TOWNSHIP: 20N RANGE: 15W BAR SAM	$2,020.75	2023 & PRIOR
5750	R0158168	31220026	LONDON LAND HOLDINGS LLC	SECTION: 19 TOWNSHIP: 20N RANGE: 15W BAR SIMCON	$992.05	2023 & PRIOR
5751	R0158169	31220035	SUNRAYS RESOURCES INC	SECTION: 19 TOWNSHIP: 20N RANGE: 15W NORLEF RANC	$175.79	2023 & PRIOR
5752	R0158010	31220040	AMARANTHUS LLC	SECTION: 19 TOWNSHIP: 20N RANGE: 15W NORLEF RANC	$581.69	2023 & PRIOR
5753	R0158012	31220056	STEVENSON MATILDA D	SECTION: 19 TOWNSHIP: 20N RANGE: 15W NORLEF RANC	$1,835.17	2023 & PRIOR
5754	R0158012	31220057	STEVENSON MATILDA D	SECTION: 19 TOWNSHIP: 20N RANGE: 15W NORLEF RANC	$1,835.17	2023 & PRIOR
5755	R0158026	31230028	RODRIGUEZ ALDO	SECTION: 20 TOWNSHIP: 20N RANGE: 15W NORLEF RANC	$91.10	2023
5756	R0158028	31230029	RODRIGUEZ ALDO	SECTION: 20 TOWNSHIP: 20N RANGE: 15W NORLEF RANC	$91.10	2023
5757	R0158049	31230068	PARRISH RUSSELL	SECTION: 20 TOWNSHIP: 20N RANGE: 15W NORLEF RANC	$1,082.46	2023 & PRIOR
5758	R0158053	31230071	FIDELITY SHANNON INVESTMENTS LLC	SECTION: 20 TOWNSHIP: 20N RANGE: 15W NORLEF RANC	$91.10	2023
5759	R0158066	31230113	SEIFERT CHARLES	SECTION: 20 TOWNSHIP: 20N RANGE: 15W NORLEF RANC	$1,394.57	2023 & PRIOR
5760	R0158066	31230114	SEIFERT CHARLES	SECTION: 20 TOWNSHIP: 20N RANGE: 15W NORLEF RANC	$1,394.57	2023 & PRIOR
5761	R0158078	31230126	MADLAQUE LUGITO F & SOPHIA R	SECTION: 20 TOWNSHIP: 20N RANGE: 15W NORLEF RANC	$49.99	2023
CPWRS
5762	R0158604	31238046	REYES JUANITA	SECTION: 5 TOWNSHIP: 22N RANGE: 15W GREATER KIN	$426.44	2023 & PRIOR
5763	R0158602	31238048	REYES JUANITA	SECTION: 5 TOWNSHIP: 22N RANGE: 15W GREATER KIN	$66.86	2023
5764	R0158612	31238049	REYES JUANITA	SECTION: 5 TOWNSHIP: 22N RANGE: 15W GREATER KIN	$426.44	2023 & PRIOR
5765	R0159164	31238067	PAPA EMMANUEL TA	SECTION: 5 TOWNSHIP: 22N RANGE: 15W GREATER KIN	$681.35	2023 & PRIOR
5766	R0159168	31238068	CABLLON CESAR O TRUSTEE	SECTION: 5 TOWNSHIP: 22N RANGE: 15W GREATER KIN	$426.34	2023 & PRIOR
5767	R0159170	31238071	CABLLON CESAR O TRUSTEE	SECTION: 5 TOWNSHIP: 22N RANGE: 15W GREATER KIN	$426.34	2023 & PRIOR
5768	R0159173	31238072	CABLLON CESAR O TRUSTEE	SECTION: 5 TOWNSHIP: 22N RANGE: 15W GREATER KIN	$426.34	2023 & PRIOR
5769	R0158166	31238078	ROBERTSON DOUG ETAL JT	SECTION: 5 TOWNSHIP: 22N RANGE: 15W GREATER KIN	$359.22	2023 & PRIOR
5770	R0158167	31238080	ROBERTSON DOUG ETAL JT	SECTION: 5 TOWNSHIP: 22N RANGE: 15W GREATER KIN	$359.22	2023 & PRIOR
5771	R0157253	31238093	OSHEA MICHAEL & CAPISTRANO	SECTION: 5 TOWNSHIP: 22N RANGE: 15W GREATER KIN	$228.55	2023 & PRIOR
5772	R0157256	31238094	OSHEA MICHAEL & CAPISTRANO	SECTION: 5 TOWNSHIP: 22N RANGE: 15W GREATER KIN	$104.79	2023 & PRIOR
5773	R0157259	31238095	OSHEA MICHAEL & CAPISTRANO	SECTION: 5 TOWNSHIP: 22N RANGE: 15W GREATER KIN	$117.73	2023 & PRIOR
5774	R0157263	31238100	SOREV ESTELLE TRUSTEE	SECTION: 5 TOWNSHIP: 22N RANGE: 15W GREATER KIN	$130.74	2023 & PRIOR
5775	R0157270	31238105	DUQUE ELIZABETH	SECTION: 5 TOWNSHIP: 22N RANGE: 15W GREATER KIN	$126.60	2023 & PRIOR
5776	R0157280	31238140	OPEN RISKY MARCELINO	SECTION: 5 TOWNSHIP: 22N RANGE: 15W GREATER KIN	$1,063.37	2023 & PRIOR
5777	R0157282	31238150	CAPISTRANO CYRILLE	SECTION: 5 TOWNSHIP: 22N RANGE: 15W GREATER KIN	$74.88	2023
5778	R0157290	31238158	HELLINO TODD A III	SECTION: 5 TOWNSHIP: 22N RANGE: 15W GREATER KIN	$66.86	2023
5779	R0157295	31238160	NOELDES CHRISTINE C	SECTION: 5 TOWNSHIP: 22N RANGE: 15W GREATER KIN	$66.86	2023
5780	R0157371	31238171	GARCIA MELENE	SECTION: 5 TOWNSHIP: 22N RANGE: 15W GREATER KIN	$66.86	2023
5781	R0157413	31238173	BUN PHENG	SECTION: 5 TOWNSHIP: 22N RANGE: 15W GREATER KIN	$56.55	2023
5782	R0157414	31238176	BUN PHENG	SECTION: 5 TOWNSHIP: 22N RANGE: 15W GREATER KIN	$37.80	2023
5783	R0157632	31238179	PEREZ ALEJANDRO & SALOME JT	SECTION: 5 TOWNSHIP: 22N RANGE: 15W GREATER KIN	$1,141.85	2023 & PRIOR
5784	R0157655	31238182	HANSON ERIC VICTOR	SECTION: 5 TOWNSHIP: 22N RANGE: 15W GREATER KIN	$1,286.13	2023 & PRIOR
5785	R0157669	31238241	ABBASALI NAYA & SHAISTA JT	SECTION: 5 TOWNSHIP: 22N RANGE: 15W GREATER KIN	$1,046.34	2023 & PRIOR
5786	R0157764	31238247	YIM NORA JT III	SECTION: 5 TOWNSHIP: 22N RANGE: 15W GREATER KIN	$66.86	2023
5787	R0157768	31238249	SMITH STAR	SECTION: 5 TOWNSHIP: 22N RANGE: 15W GREATER KIN	$66.86	2023
5788	R0158021	31238258	HARAJI INVESTMENT GROUP LLC	SECTION: 5 TOWNSHIP: 22N RANGE: 15W GREATER KIN	$66.86	2023
5789	R0158025	31238260	QUINTOS ALVARO & ANGELINA JT	SECTION: 5 TOWNSHIP: 22N RANGE: 15W GREATER KIN	$1,069.92	2023 & PRIOR
5790	R0158026	31238264	HAMILTON STEPHEN & SHANNON	SECTION: 5 TOWNSHIP: 22N RANGE: 15W GREATER KIN	$1,069.98	2023 & PRIOR
CPWRS
5791	R0158036	31238270	TRACY ANDREW W	SECTION: 5 TOWNSHIP: 22N RANGE: 15W GREATER KIN	$66.86	2023
5792	R0158040	31238275	SALAZAR NESTOR & ROSEMARIE JT	SECTION: 5 TOWNSHIP: 22N RANGE: 15W GREATER KIN	$132.62	2023 & PRIOR
5793	R0158043	31238278	LOBATO ANDRE	SECTION: 5 TOWNSHIP: 22N RANGE: 15W GREATER KIN	$66.86	2023
5794	R0158046	31238280	KHAN SOHAR & NAHIR ROSE	SECTION: 5 TOWNSHIP: 22N RANGE: 15W GREATER KIN	$66.86	2023
5795	R0158048	31238281	KHAN SOHAR & NAHIR ROSE	SECTION: 5 TOWNSHIP: 22N RANGE: 15W GREATER KIN	$66.86	2023
5796	R0158050	31238282	KHAN SOHAR & NAHIR ROSE	SECTION: 5 TOWNSHIP: 22N RANGE: 15W GREATER KIN	$66.86	2023
5797	R0158052	31238283	KHAN SOHAR & NAHIR ROSE	SECTION: 5 TOWNSHIP: 22N RANGE: 15W GREATER KIN	$66.86	2023
5798	R0158055	31238285	KHAN SOHAR & NAHIR ROSE	SECTION: 5 TOWNSHIP: 22N RANGE: 15W GREATER KIN	$66.86	2023
5799	R0158058	31238290	SOUTH RAY	SECTION: 5 TOWNSHIP: 22N RANGE: 15W GREATER KIN	$66.86	2023
5800	R0158062	31238294	ESPINOZA JOSE E & ISABEL JT	SECTION: 5 TOWNSHIP: 22N RANGE: 15W GREATER KIN	$1,476.85	2023 & PRIOR
5801	R0158065	31238296	TRACY ANDREW W	SECTION: 5 TOWNSHIP: 22N RANGE: 15W GREATER KIN	$66.86	2023
5802	R0158068	31238300	TRACH ANDREW W	SECTION: 5 TOWNSHIP: 22N RANGE: 15W GREATER KIN	$66.86	2023
5803	R0158070	31238302	MELDER RICHARD JAMES	SECTION: 5 TOWNSHIP: 22N RANGE: 15W GREATER KIN	$66.86	2023
5804	R0158073	31238305	HARPER CHARLES & JANELLE M	SECTION: 5 TOWNSHIP: 22N RANGE: 15W GREATER KIN	$1,157.66	2023 & PRIOR
5805	R0158075	31238308	HOFF LOWELL B & MARGUERITE V	SECTION: 5 TOWNSHIP: 22N RANGE: 15W GREATER KIN	$1,256.94	2023 & PRIOR
5806	R0158077	31238310	DICKERSON BARBARA	SECTION: 5 TOWNSHIP: 22N RANGE: 15W GREATER KIN	$66.86	2023
5807	R0158080	31238312	FUENTES YONY & PACHECO Z	SECTION: 5 TOWNSHIP: 22N RANGE: 15W GREATER KIN	$1,211.48	2023 & PRIOR
5808	R0158082	31238315	CARTER GARY LEE	SECTION: 5 TOWNSHIP: 22N RANGE: 15W GREATER KIN	$66.86	2023
5809	R0158085	31238318	PRATT EILEEN	SECTION: 5 TOWNSHIP: 22N RANGE: 15W GREATER KIN	$1,280.88	2023 & PRIOR
5810	R0158088	31238320	GONZALEZ PEREIRA ANTHONY	SECTION: 5 TOWNSHIP: 22N RANGE: 15W GREATER KIN	$66.86	2023
5811	R0158090	31238322	GONZALEZ PEREIRA ANTHONY	SECTION: 5 TOWNSHIP: 22N RANGE: 15W GREATER KIN	$66.86	2023
5812	R0158093	31238325	BARNES CARIE & SHIRLEY	SECTION: 5 TOWNSHIP: 22N RANGE: 15W GREATER KIN	$1,267.77	2023 & PRIOR
5813	R0158095	31238328	LEONG KENNETH K K	SECTION: 5 TOWNSHIP: 22N RANGE: 15W GREATER KIN	$1,101.79	2023 & PRIOR
5814	R0158098	31238330	GONZALEZ PEREIRA ANTHONY	SECTION: 5 TOWNSHIP: 22N RANGE: 15W GREATER KIN	$66.86	2023
5815	R0158101	31238332	HOME EQUITY OPTIONS LLC 10%	SECTION: 5 TOWNSHIP: 22N RANGE: 15W GREATER KIN	$1,163.85	2023 & PRIOR
5816	R0158103	31238335	KINGMAN HOLDINGS INC	SECTION: 5 TOWNSHIP: 22N RANGE: 15W GREATER KIN	$66.86	2023
5817	R0158106	31238338	BUT MARY LOU	SECTION: 5 TOWNSHIP: 22N RANGE: 15W GREATER KIN	$1,051.28	2023 & PRIOR
5818	R0158108	31238340	TURNER BLANCHE W	SECTION: 5 TOWNSHIP: 22N RANGE: 15W GREATER KIN	$66.86	2023
5819	R0158111	31238342	FREEDOM GEORGE R	SECTION: 5 TOWNSHIP: 22N RANGE: 15W GREATER KIN	$66.86	2023
5820	R0158113	31238345	CHAVEZ ROBERT R	SECTION: 5 TOWNSHIP: 22N RANGE: 15W GREATER KIN	$66.86	2023
5821	R0158116	31238348	WILLSON ELIZABETH	SECTION: 5 TOWNSHIP: 22N RANGE: 15W GREATER KIN	$1,153.68	2023 & PRIOR
5822	R0158118	31238350	STAFFORD LARRY & VICTORIA JT	SECTION: 5 TOWNSHIP: 22N RANGE: 15W GREATER KIN	$66.86	2023
5823	R0158121	31238352	BELT WAYNE	SECTION: 5 TOWNSHIP: 22N RANGE: 15W GREATER KIN	$104.44	2023 & PRIOR
5824	R0158123	31238355	TENNANT SANDRA	SECTION: 5 TOWNSHIP: 22N RANGE: 15W GREATER KIN	$98.66	2023 & PRIOR
5825	R0158126	31238358	CHAVEZ EDUARDO	SECTION: 5 TOWNSHIP: 22N RANGE: 15W GREATER KIN	$199.74	2023 & PRIOR
5826	R0158128	31238360	CHAVEZ EDUARDO	SECTION: 5 TOWNSHIP: 22N RANGE: 15W GREATER KIN	$74.99	2023
5827	R0158131	31238362	RANDHAWA BATINDER S	SECTION: 5 TOWNSHIP: 22N RANGE: 15W GREATER KIN	$1,646.14	2023 & PRIOR
5828	R0158133	31238365	REYNOLDS ELIZABETH J TRUSTEE	SECTION: 5 TOWNSHIP: 22N RANGE: 15W GREATER KIN	$1,041.45	2023 & PRIOR
5829	R0158136	31238368	KENNEDY MARK CATHERINE	SECTION: 5 TOWNSHIP: 22N RANGE: 15W GREATER KIN	$66.86	2023
5830	R0158138	31238370	BERG MAX	SECTION: 5 TOWNSHIP: 22N RANGE: 15W GREATER KIN	$1,293.24	2023 & PRIOR
5831	R0158141	31238372	MAC DONALD DONALD J ETAL	SECTION: 5 TOWNSHIP: 22N RANGE: 15W GREATER KIN	$1,064.66	2023 & PRIOR
5832	R0158143	31238375	BARRE GERALD LEROY	SECTION: 5 TOWNSHIP: 22N RANGE: 15W GREATER KIN	$66.86	2023
5833	R0158146	31238378	EMMONS CHERYL LYNN	SECTION: 5 TOWNSHIP: 22N RANGE: 15W GREATER KIN	$1,155.17	2023 & PRIOR
5834	R0158148	31238380	NICHOL PAVEL TRUSTEE	SECTION: 5 TOWNSHIP: 22N RANGE: 15W GREATER KIN	$66.86	2023
5835	R0158151	31238382	BARNOR JOHN C & DOROTHY M	SECTION: 5 TOWNSHIP: 22N RANGE: 15W GREATER KIN	$1,041.38	2023 & PRIOR
TRUSTEES
5836	R0158153	31238385	POUPOND EDWARD L & HELEN F JT	SECTION: 5 TOWNSHIP: 22N RANGE: 15W GREATER KIN	$1,207.38	2023 & PRIOR
